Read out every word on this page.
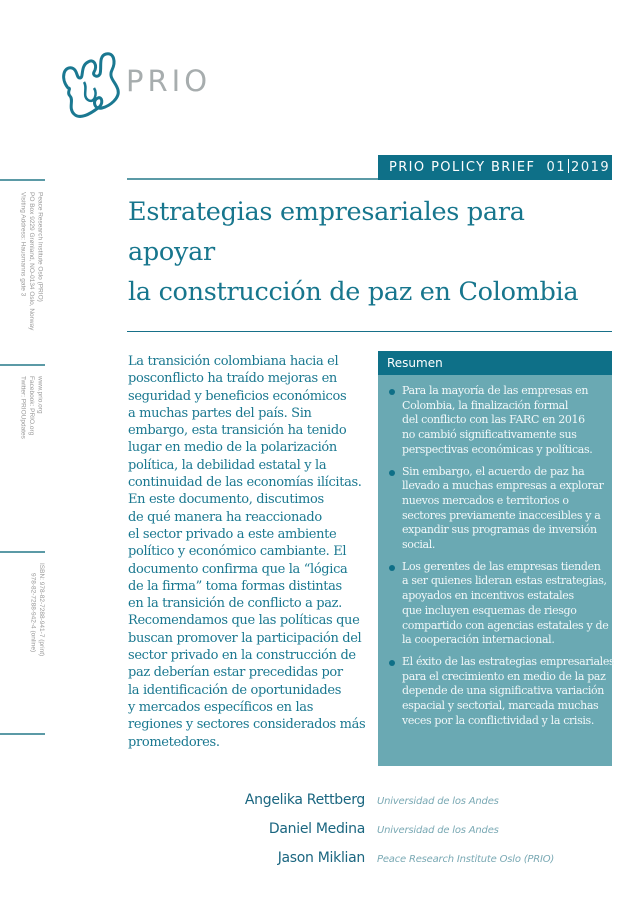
PRIO
Peace Research Institute Oslo (PRIO)
PO Box 9229 Grønland, NO-0134 Oslo, Norway
Visiting Address: Hausmanns gate 3
www.prio.org
Facebook: PRIO.org
Twitter: PRIOUpdates
ISBN: 978-82-7288-941-7 (print)
978-82-7288-942-4 (online)
PRIO POLICY BRIEF 01 2019
Estrategias empresariales para apoyar
la construcción de paz en Colombia
La transición colombiana hacia el
posconflicto ha traído mejoras en
seguridad y beneficios económicos
a muchas partes del país. Sin
embargo, esta transición ha tenido
lugar en medio de la polarización
política, la debilidad estatal y la
continuidad de las economías ilícitas.
En este documento, discutimos
de qué manera ha reaccionado
el sector privado a este ambiente
político y económico cambiante. El
documento confirma que la “lógica
de la firma” toma formas distintas
en la transición de conflicto a paz.
Recomendamos que las políticas que
buscan promover la participación del
sector privado en la construcción de
paz deberían estar precedidas por
la identificación de oportunidades
y mercados específicos en las
regiones y sectores considerados más
prometedores.
Resumen
Para la mayoría de las empresas en
Colombia, la finalización formal
del conflicto con las FARC en 2016
no cambió significativamente sus
perspectivas económicas y políticas.
Sin embargo, el acuerdo de paz ha
llevado a muchas empresas a explorar
nuevos mercados e territorios o
sectores previamente inaccesibles y a
expandir sus programas de inversión
social.
Los gerentes de las empresas tienden
a ser quienes lideran estas estrategias,
apoyados en incentivos estatales
que incluyen esquemas de riesgo
compartido con agencias estatales y de
la cooperación internacional.
El éxito de las estrategias empresariales
para el crecimiento en medio de la paz
depende de una significativa variación
espacial y sectorial, marcada muchas
veces por la conflictividad y la crisis.
Angelika Rettberg Universidad de los Andes
Daniel Medina Universidad de los Andes
Jason Miklian Peace Research Institute Oslo (PRIO)
